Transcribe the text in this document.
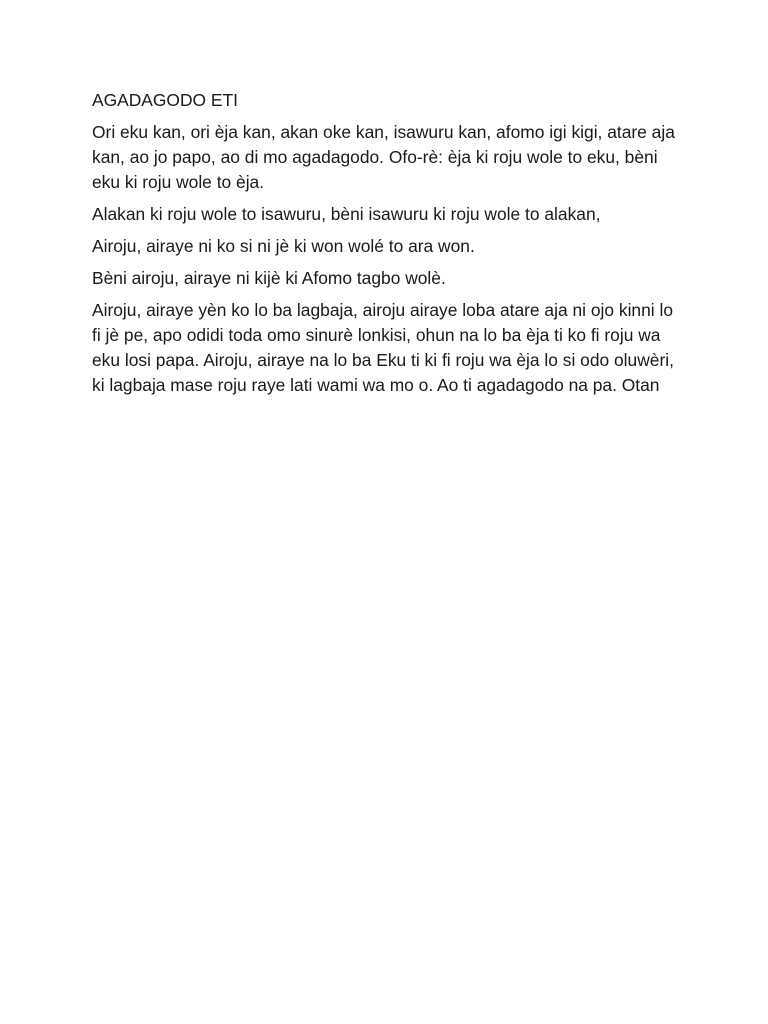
AGADAGODO ETI

Ori eku kan, ori èja kan, akan oke kan, isawuru kan, afomo igi kigi, atare aja kan, ao jo papo, ao di mo agadagodo. Ofo-rè: èja ki roju wole to eku, bèni eku ki roju wole to èja.

Alakan ki roju wole to isawuru, bèni isawuru ki roju wole to alakan,

Airoju, airaye ni ko si ni jè ki won wolé to ara won.

Bèni airoju, airaye ni kijè ki Afomo tagbo wolè.

Airoju, airaye yèn ko lo ba lagbaja, airoju airaye loba atare aja ni ojo kinni lo fi jè pe, apo odidi toda omo sinurè lonkisi, ohun na lo ba èja ti ko fi roju wa eku losi papa. Airoju, airaye na lo ba Eku ti ki fi roju wa èja lo si odo oluwèri, ki lagbaja mase roju raye lati wami wa mo o. Ao ti agadagodo na pa. Otan
